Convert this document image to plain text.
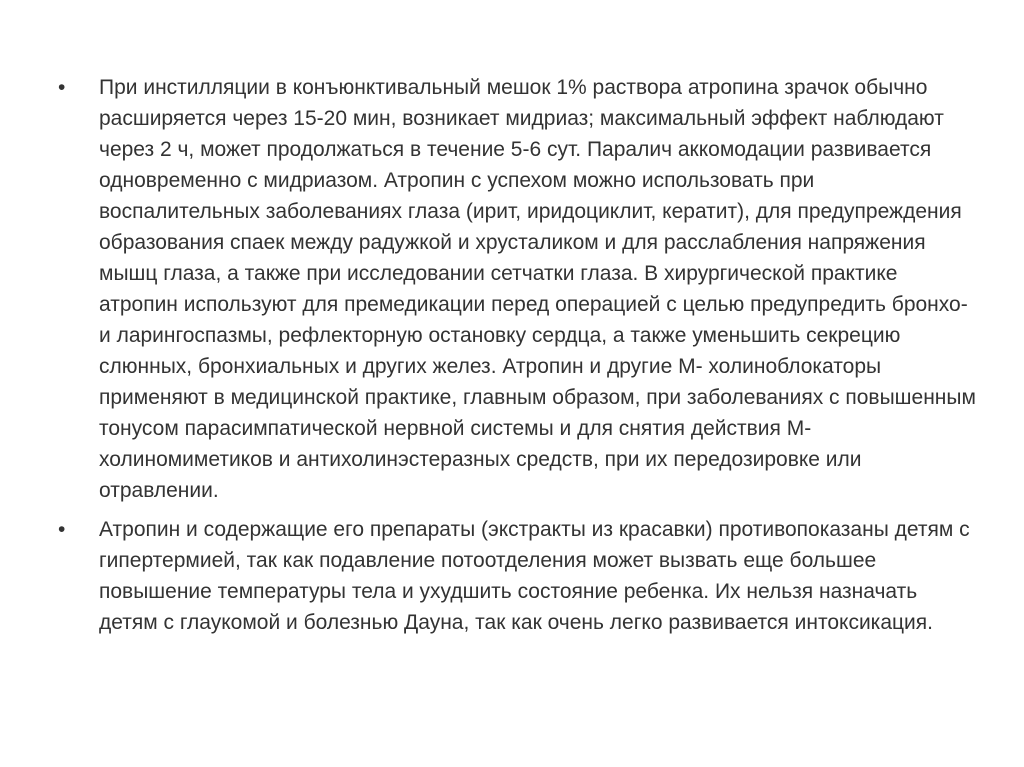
• При инстилляции в конъюнктивальный мешок 1% раствора атропина зрачок обычно расширяется через 15-20 мин, возникает мидриаз; максимальный эффект наблюдают через 2 ч, может продолжаться в течение 5-6 сут. Паралич аккомодации развивается одновременно с мидриазом. Атропин с успехом можно использовать при воспалительных заболеваниях глаза (ирит, иридоциклит, кератит), для предупреждения образования спаек между радужкой и хрусталиком и для расслабления напряжения мышц глаза, а также при исследовании сетчатки глаза. В хирургической практике атропин используют для премедикации перед операцией с целью предупредить бронхо- и ларингоспазмы, рефлекторную остановку сердца, а также уменьшить секрецию слюнных, бронхиальных и других желез. Атропин и другие М- холиноблокаторы применяют в медицинской практике, главным образом, при заболеваниях с повышенным тонусом парасимпатической нервной системы и для снятия действия М- холиномиметиков и антихолинэстеразных средств, при их передозировке или отравлении.
• Атропин и содержащие его препараты (экстракты из красавки) противопоказаны детям с гипертермией, так как подавление потоотделения может вызвать еще большее повышение температуры тела и ухудшить состояние ребенка. Их нельзя назначать детям с глаукомой и болезнью Дауна, так как очень легко развивается интоксикация.
